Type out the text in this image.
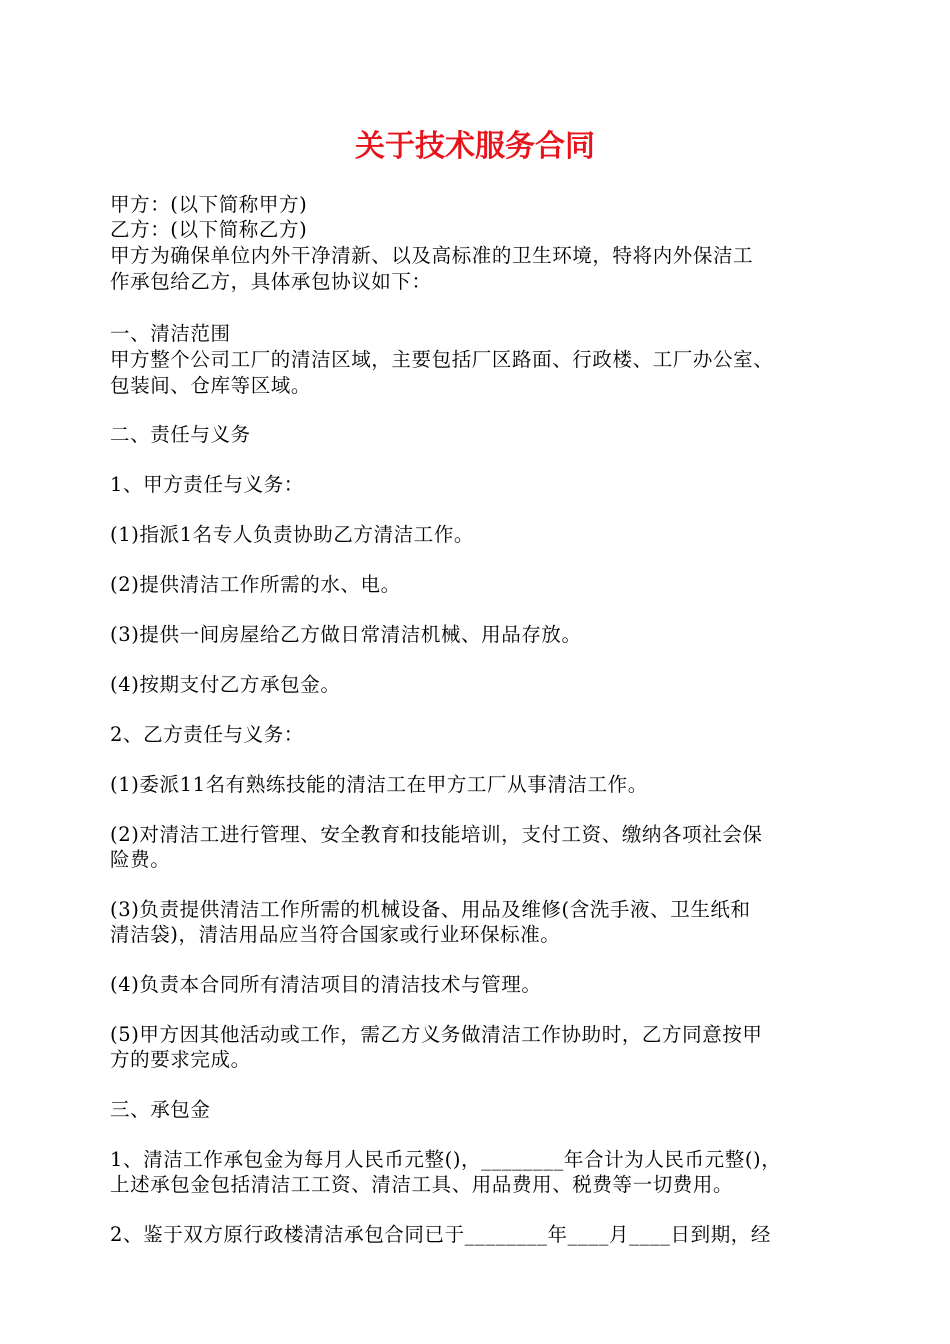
关于技术服务合同
甲方：(以下简称甲方)
乙方：(以下简称乙方)
甲方为确保单位内外干净清新、以及高标准的卫生环境，特将内外保洁工
作承包给乙方，具体承包协议如下：
一、清洁范围
甲方整个公司工厂的清洁区域，主要包括厂区路面、行政楼、工厂办公室、
包装间、仓库等区域。
二、责任与义务
1、甲方责任与义务：
(1)指派1名专人负责协助乙方清洁工作。
(2)提供清洁工作所需的水、电。
(3)提供一间房屋给乙方做日常清洁机械、用品存放。
(4)按期支付乙方承包金。
2、乙方责任与义务：
(1)委派11名有熟练技能的清洁工在甲方工厂从事清洁工作。
(2)对清洁工进行管理、安全教育和技能培训，支付工资、缴纳各项社会保
险费。
(3)负责提供清洁工作所需的机械设备、用品及维修(含洗手液、卫生纸和
清洁袋)，清洁用品应当符合国家或行业环保标准。
(4)负责本合同所有清洁项目的清洁技术与管理。
(5)甲方因其他活动或工作，需乙方义务做清洁工作协助时，乙方同意按甲
方的要求完成。
三、承包金
1、清洁工作承包金为每月人民币元整()，________年合计为人民币元整()，
上述承包金包括清洁工工资、清洁工具、用品费用、税费等一切费用。
2、鉴于双方原行政楼清洁承包合同已于________年____月____日到期，经
